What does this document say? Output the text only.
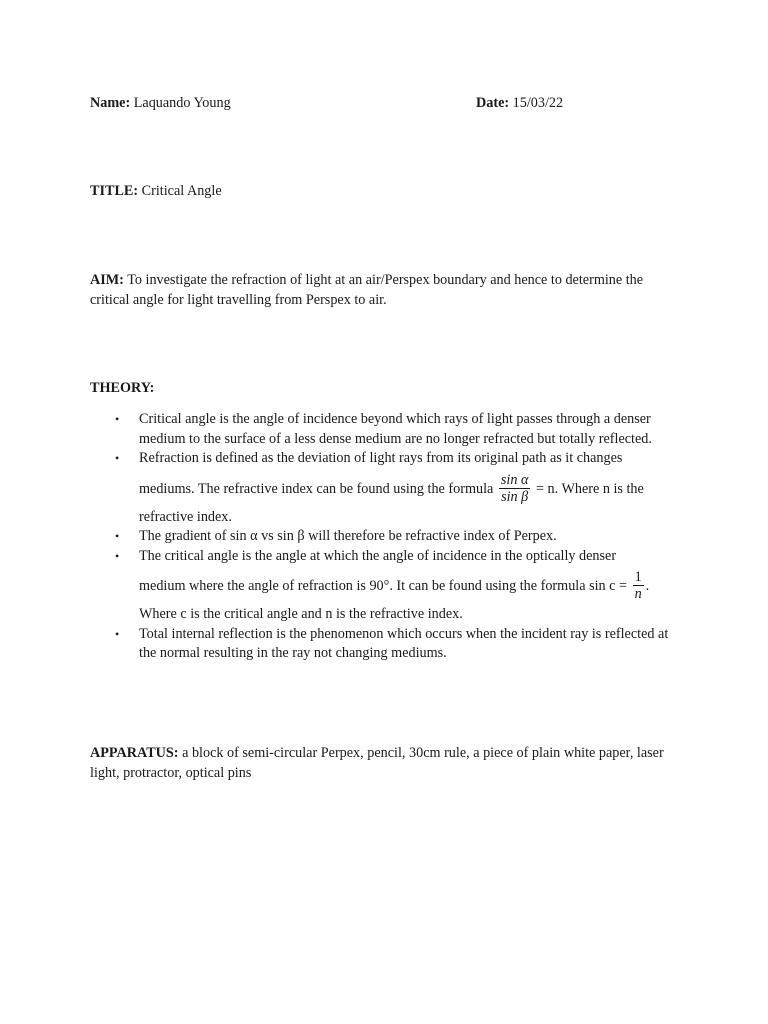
Name: Laquando Young	Date: 15/03/22
TITLE: Critical Angle
AIM: To investigate the refraction of light at an air/Perspex boundary and hence to determine the critical angle for light travelling from Perspex to air.
THEORY:
• Critical angle is the angle of incidence beyond which rays of light passes through a denser medium to the surface of a less dense medium are no longer refracted but totally reflected.
• Refraction is defined as the deviation of light rays from its original path as it changes
mediums. The refractive index can be found using the formula $\frac{\text{sin α}}{\text{sin β}} = n$. Where n is the
refractive index.
• The gradient of sin α vs sin β will therefore be refractive index of Perpex.
• The critical angle is the angle at which the angle of incidence in the optically denser
medium where the angle of refraction is 90°. It can be found using the formula $\sin c = \frac{1}{n}$ .
Where c is the critical angle and n is the refractive index.
• Total internal reflection is the phenomenon which occurs when the incident ray is reflected at the normal resulting in the ray not changing mediums.
APPARATUS: a block of semi-circular Perpex, pencil, 30cm rule, a piece of plain white paper, laser light, protractor, optical pins
